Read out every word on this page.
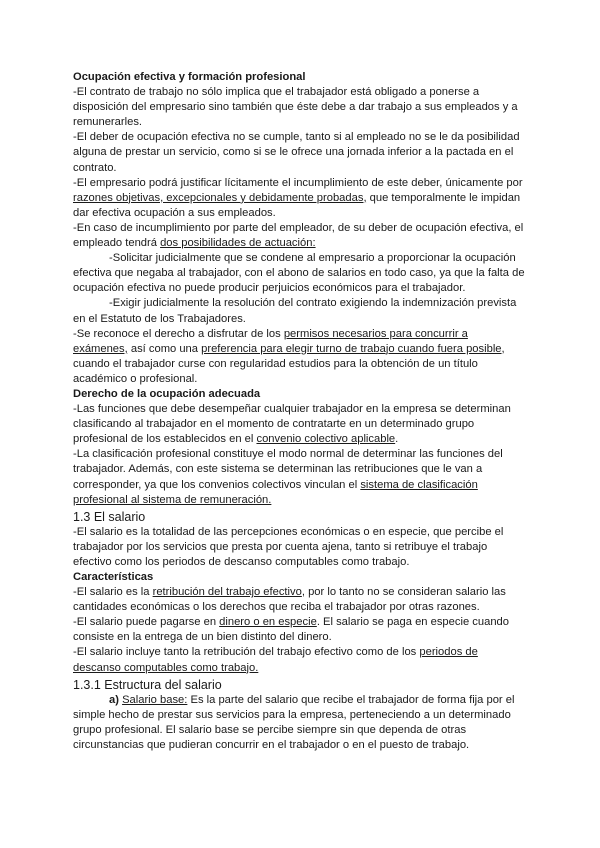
Ocupación efectiva y formación profesional

-El contrato de trabajo no sólo implica que el trabajador está obligado a ponerse a disposición del empresario sino también que éste debe a dar trabajo a sus empleados y a remunerarles.

-El deber de ocupación efectiva no se cumple, tanto si al empleado no se le da posibilidad alguna de prestar un servicio, como si se le ofrece una jornada inferior a la pactada en el contrato.

-El empresario podrá justificar lícitamente el incumplimiento de este deber, únicamente por razones objetivas, excepcionales y debidamente probadas, que temporalmente le impidan dar efectiva ocupación a sus empleados.

-En caso de incumplimiento por parte del empleador, de su deber de ocupación efectiva, el empleado tendrá dos posibilidades de actuación:

-Solicitar judicialmente que se condene al empresario a proporcionar la ocupación efectiva que negaba al trabajador, con el abono de salarios en todo caso, ya que la falta de ocupación efectiva no puede producir perjuicios económicos para el trabajador.

-Exigir judicialmente la resolución del contrato exigiendo la indemnización prevista en el Estatuto de los Trabajadores.

-Se reconoce el derecho a disfrutar de los permisos necesarios para concurrir a exámenes, así como una preferencia para elegir turno de trabajo cuando fuera posible, cuando el trabajador curse con regularidad estudios para la obtención de un título académico o profesional.

Derecho de la ocupación adecuada

-Las funciones que debe desempeñar cualquier trabajador en la empresa se determinan clasificando al trabajador en el momento de contratarte en un determinado grupo profesional de los establecidos en el convenio colectivo aplicable.

-La clasificación profesional constituye el modo normal de determinar las funciones del trabajador. Además, con este sistema se determinan las retribuciones que le van a corresponder, ya que los convenios colectivos vinculan el sistema de clasificación profesional al sistema de remuneración.

1.3 El salario

-El salario es la totalidad de las percepciones económicas o en especie, que percibe el trabajador por los servicios que presta por cuenta ajena, tanto si retribuye el trabajo efectivo como los periodos de descanso computables como trabajo.

Características

-El salario es la retribución del trabajo efectivo, por lo tanto no se consideran salario las cantidades económicas o los derechos que reciba el trabajador por otras razones.

-El salario puede pagarse en dinero o en especie. El salario se paga en especie cuando consiste en la entrega de un bien distinto del dinero.

-El salario incluye tanto la retribución del trabajo efectivo como de los periodos de descanso computables como trabajo.

1.3.1 Estructura del salario

a) Salario base: Es la parte del salario que recibe el trabajador de forma fija por el simple hecho de prestar sus servicios para la empresa, perteneciendo a un determinado grupo profesional. El salario base se percibe siempre sin que dependa de otras circunstancias que pudieran concurrir en el trabajador o en el puesto de trabajo.
